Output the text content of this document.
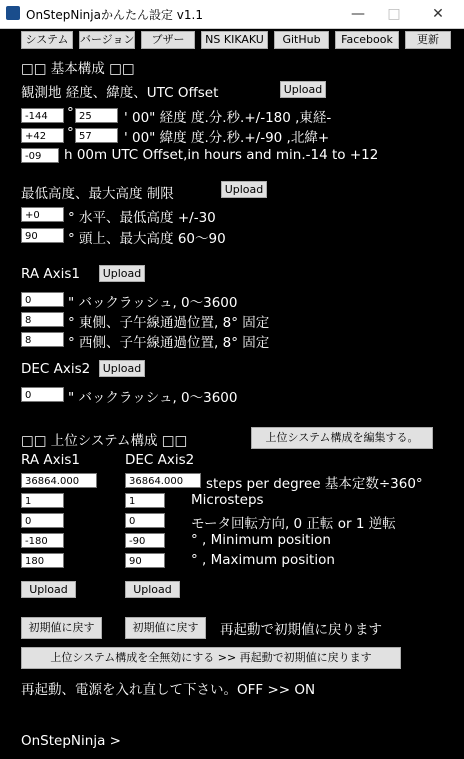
OnStepNinjaかんたん設定 v1.1	—	□	✕
システム	バージョン	ブザー	NS KIKAKU	GitHub	Facebook	更新
□□ 基本構成 □□
観測地 経度、緯度、UTC Offset	Upload
-144	° 25	' 00" 経度 度.分.秒.+/-180 ,東経-
+42	° 57	' 00" 緯度 度.分.秒.+/-90 ,北緯+
-09	h 00m UTC Offset,in hours and min.-14 to +12
最低高度、最大高度 制限	Upload
+0	° 水平、最低高度 +/-30
90	° 頭上、最大高度 60〜90
RA Axis1	Upload
0	" バックラッシュ, 0〜3600
8	° 東側、子午線通過位置, 8° 固定
8	° 西側、子午線通過位置, 8° 固定
DEC Axis2	Upload
0	" バックラッシュ, 0〜3600
□□ 上位システム構成 □□	上位システム構成を編集する。
RA Axis1	DEC Axis2
36864.000	36864.000	steps per degree 基本定数÷360°
1	1	Microsteps
0	0	モータ回転方向, 0 正転 or 1 逆転
-180	-90	° , Minimum position
180	90	° , Maximum position
Upload	Upload
初期値に戻す	初期値に戻す	再起動で初期値に戻ります
上位システム構成を全無効にする >> 再起動で初期値に戻ります
再起動、電源を入れ直して下さい。OFF >> ON
OnStepNinja >
